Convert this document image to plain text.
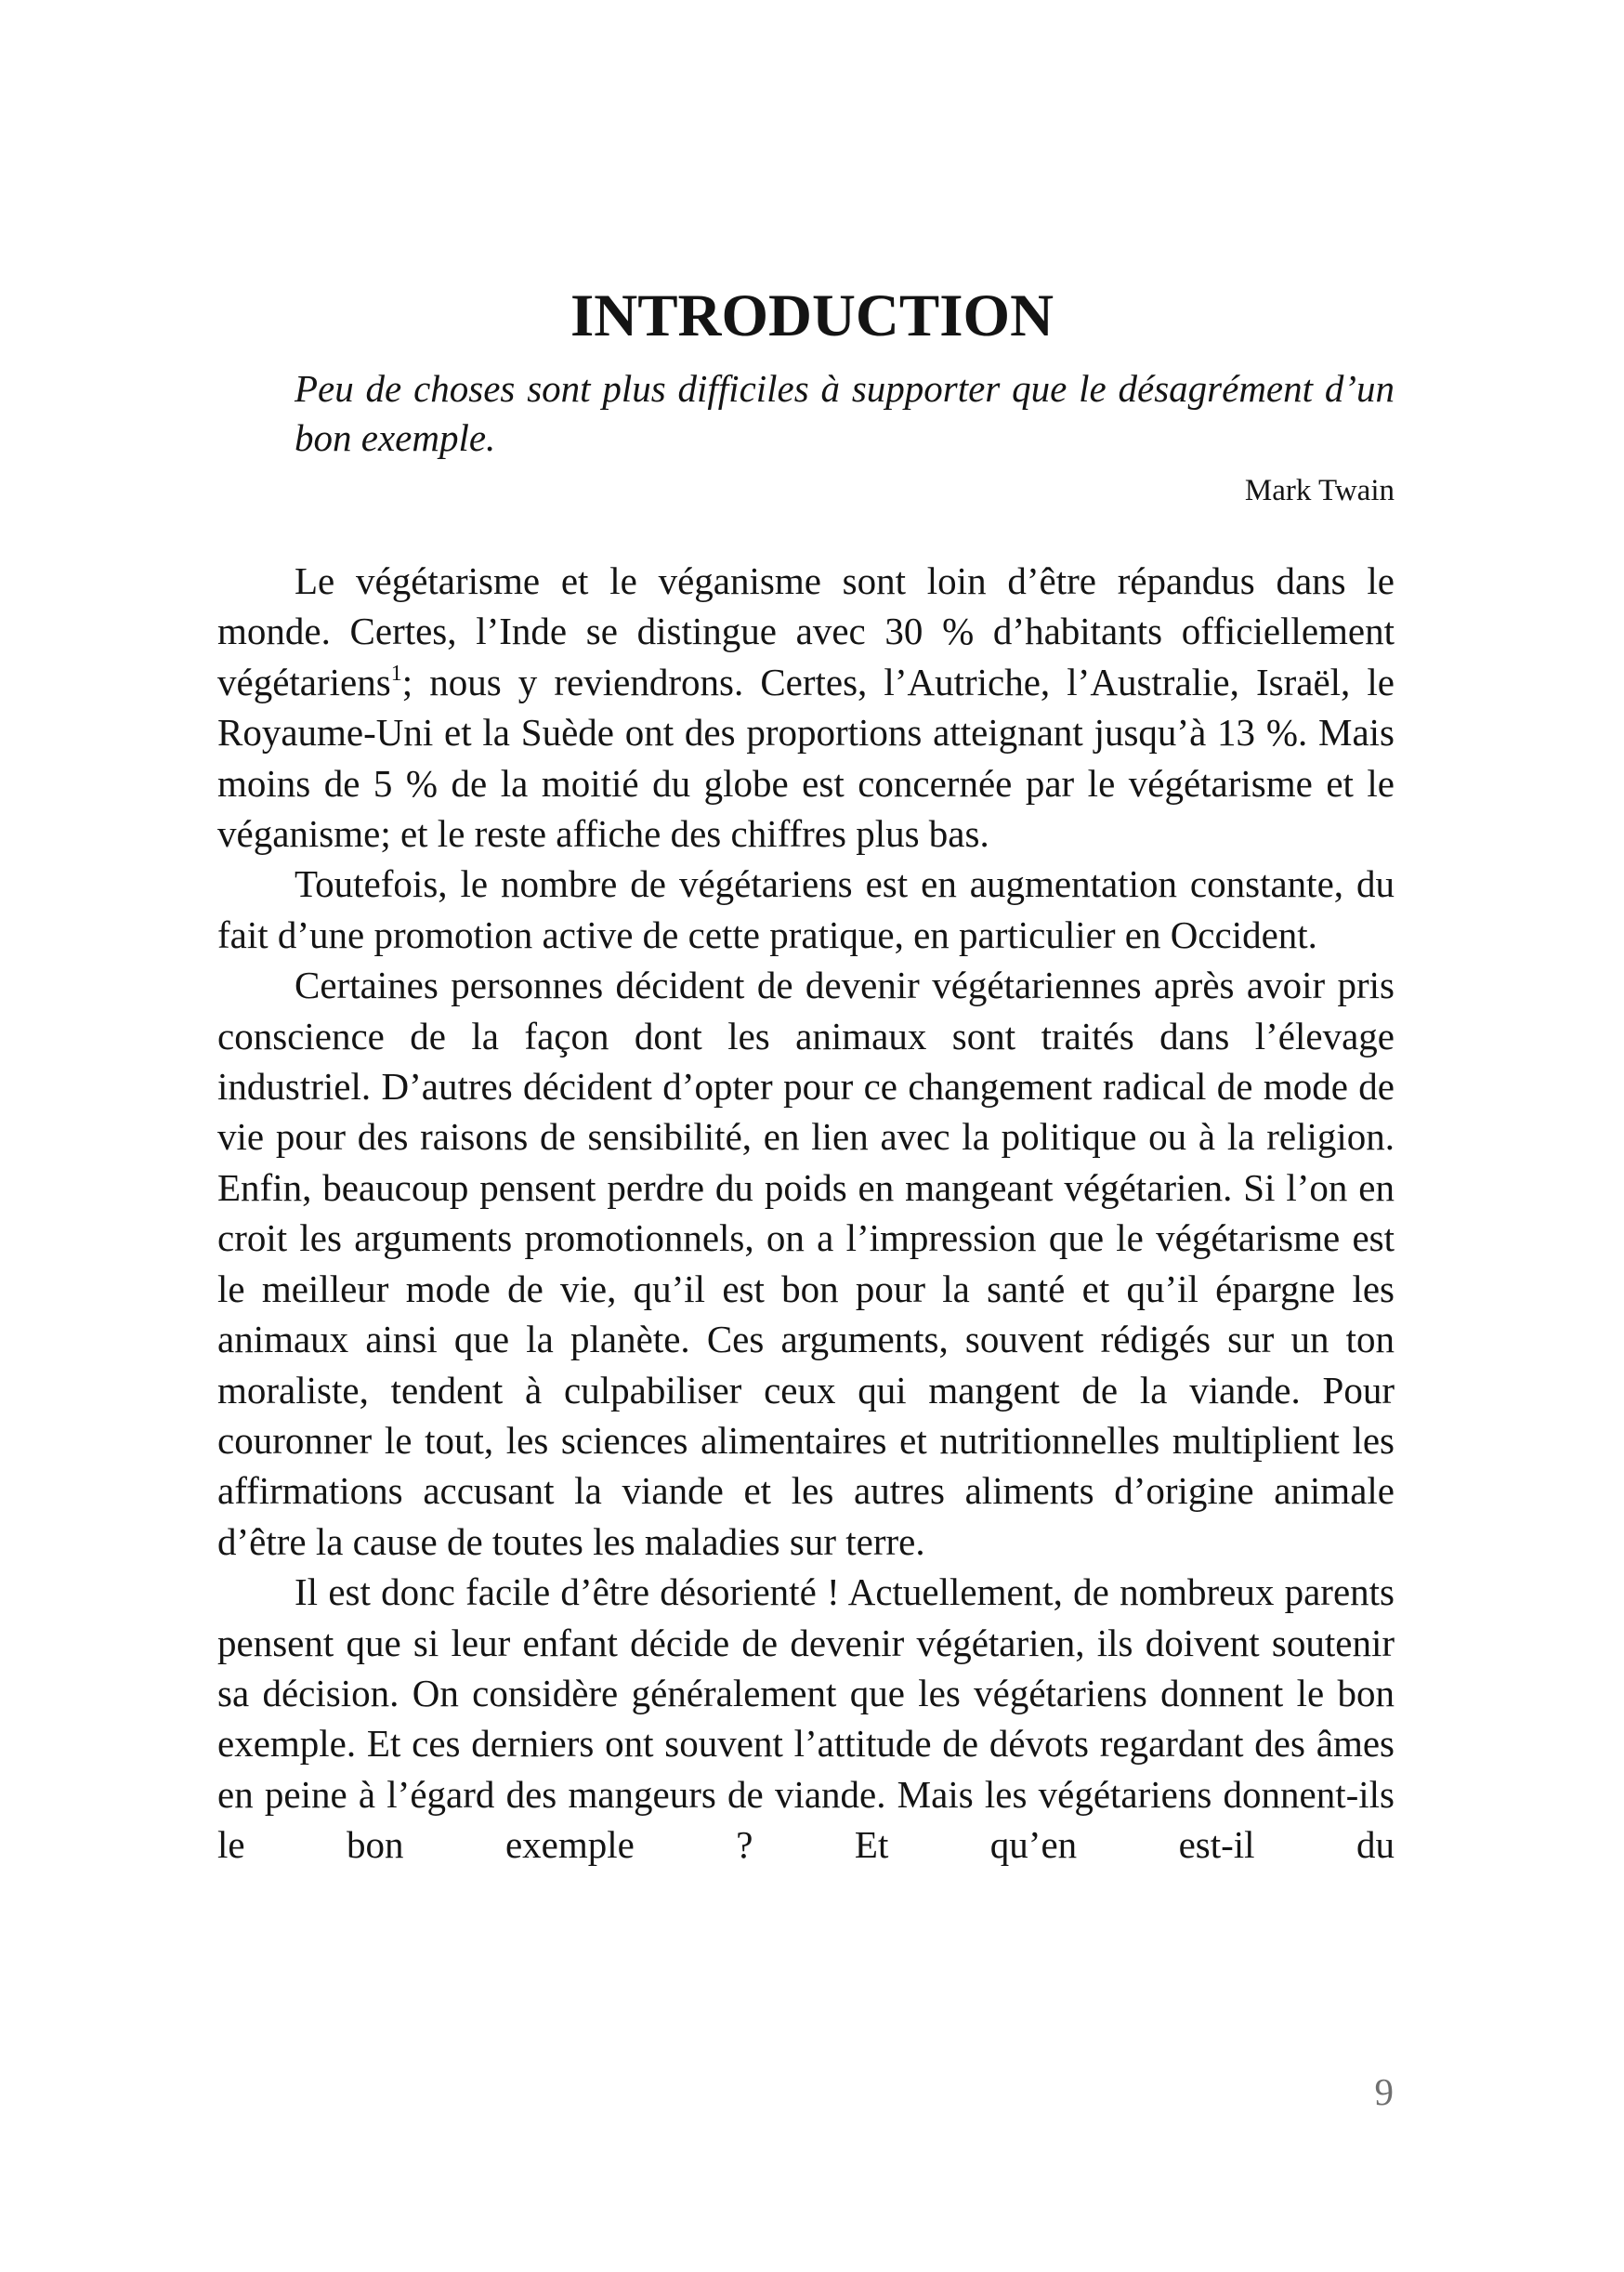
INTRODUCTION

Peu de choses sont plus difficiles à supporter que le désagrément d’un bon exemple.

Mark Twain

Le végétarisme et le véganisme sont loin d’être répandus dans le monde. Certes, l’Inde se distingue avec 30 % d’habitants officiellement végétariens$^1$; nous y reviendrons. Certes, l’Autriche, l’Australie, Israël, le Royaume-Uni et la Suède ont des proportions atteignant jusqu’à 13 %. Mais moins de 5 % de la moitié du globe est concernée par le végétarisme et le véganisme; et le reste affiche des chiffres plus bas.

Toutefois, le nombre de végétariens est en augmentation constante, du fait d’une promotion active de cette pratique, en particulier en Occident.

Certaines personnes décident de devenir végétariennes après avoir pris conscience de la façon dont les animaux sont traités dans l’élevage industriel. D’autres décident d’opter pour ce changement radical de mode de vie pour des raisons de sensibilité, en lien avec la politique ou à la religion. Enfin, beaucoup pensent perdre du poids en mangeant végétarien. Si l’on en croit les arguments promotionnels, on a l’impression que le végétarisme est le meilleur mode de vie, qu’il est bon pour la santé et qu’il épargne les animaux ainsi que la planète. Ces arguments, souvent rédigés sur un ton moraliste, tendent à culpabiliser ceux qui mangent de la viande. Pour couronner le tout, les sciences alimentaires et nutritionnelles multiplient les affirmations accusant la viande et les autres aliments d’origine animale d’être la cause de toutes les maladies sur terre.

Il est donc facile d’être désorienté ! Actuellement, de nombreux parents pensent que si leur enfant décide de devenir végétarien, ils doivent soutenir sa décision. On considère généralement que les végétariens donnent le bon exemple. Et ces derniers ont souvent l’attitude de dévots regardant des âmes en peine à l’égard des mangeurs de viande. Mais les végétariens donnent-ils le bon exemple ? Et qu’en est-il du

9
